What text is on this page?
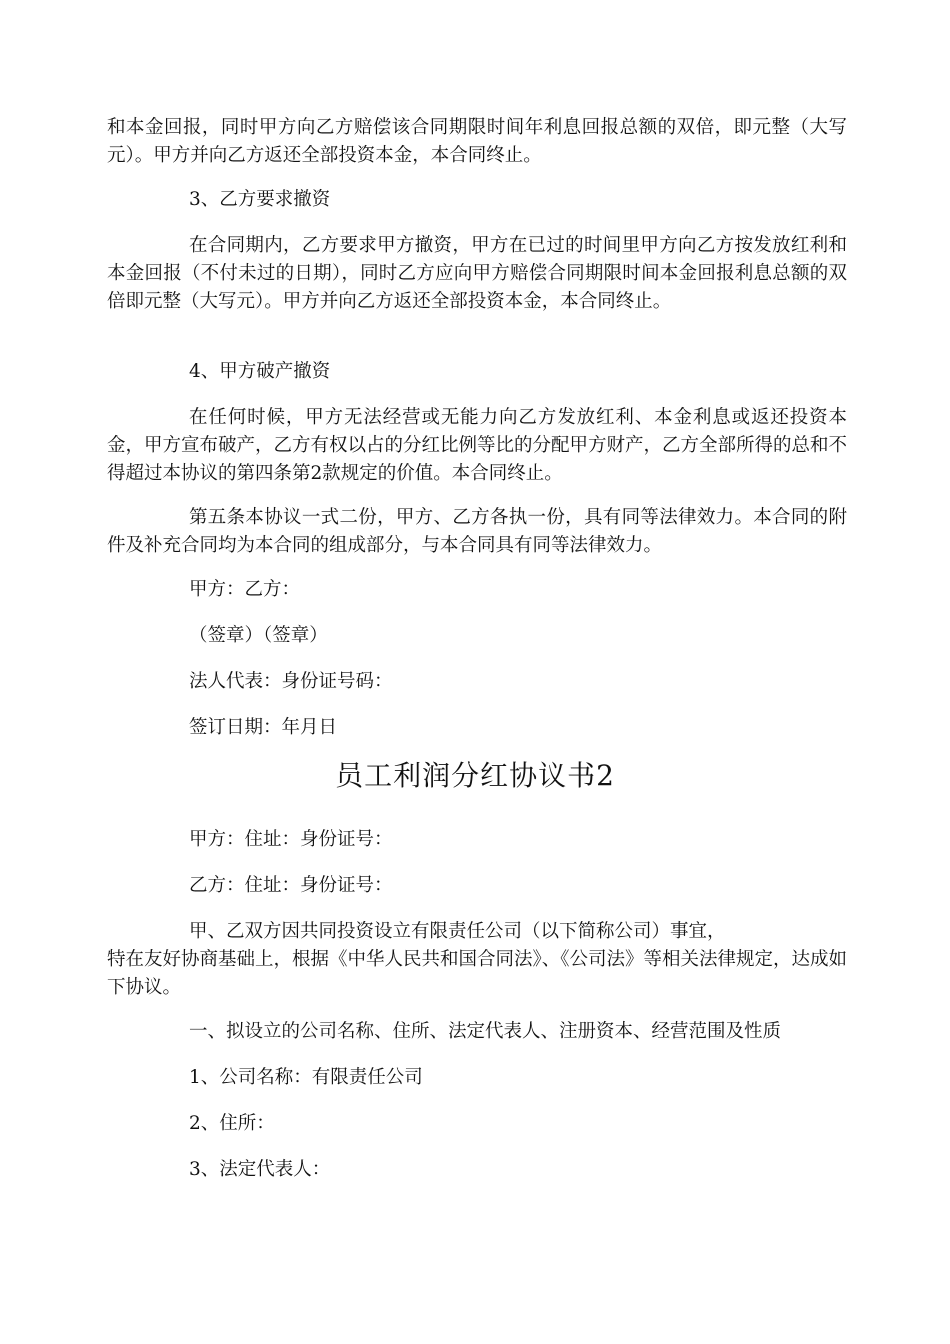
和本金回报，同时甲方向乙方赔偿该合同期限时间年利息回报总额的双倍，即元整（大写元）。甲方并向乙方返还全部投资本金，本合同终止。

3、乙方要求撤资

在合同期内，乙方要求甲方撤资，甲方在已过的时间里甲方向乙方按发放红利和本金回报（不付未过的日期），同时乙方应向甲方赔偿合同期限时间本金回报利息总额的双倍即元整（大写元）。甲方并向乙方返还全部投资本金，本合同终止。

4、甲方破产撤资

在任何时候，甲方无法经营或无能力向乙方发放红利、本金利息或返还投资本金，甲方宣布破产，乙方有权以占的分红比例等比的分配甲方财产，乙方全部所得的总和不得超过本协议的第四条第2款规定的价值。本合同终止。

第五条本协议一式二份，甲方、乙方各执一份，具有同等法律效力。本合同的附件及补充合同均为本合同的组成部分，与本合同具有同等法律效力。

甲方：乙方：

（签章）（签章）

法人代表：身份证号码：

签订日期：年月日

员工利润分红协议书2

甲方：住址：身份证号：

乙方：住址：身份证号：

甲、乙双方因共同投资设立有限责任公司（以下简称公司）事宜，

特在友好协商基础上，根据《中华人民共和国合同法》、《公司法》等相关法律规定，达成如下协议。

一、拟设立的公司名称、住所、法定代表人、注册资本、经营范围及性质

1、公司名称：有限责任公司

2、住所：

3、法定代表人：
